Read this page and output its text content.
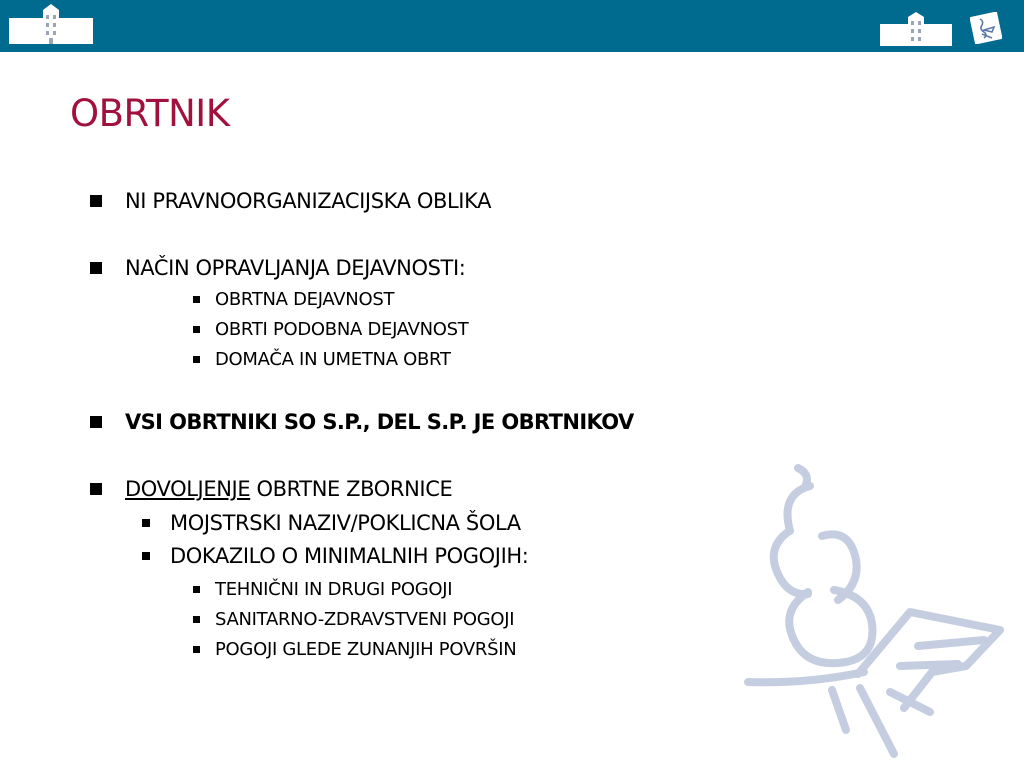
OBRTNIK
NI PRAVNOORGANIZACIJSKA OBLIKA
NAČIN OPRAVLJANJA DEJAVNOSTI:
OBRTNA DEJAVNOST
OBRTI PODOBNA DEJAVNOST
DOMAČA IN UMETNA OBRT
VSI OBRTNIKI SO S.P., DEL S.P. JE OBRTNIKOV
DOVOLJENJE OBRTNE ZBORNICE
MOJSTRSKI NAZIV/POKLICNA ŠOLA
DOKAZILO O MINIMALNIH POGOJIH:
TEHNIČNI IN DRUGI POGOJI
SANITARNO-ZDRAVSTVENI POGOJI
POGOJI GLEDE ZUNANJIH POVRŠIN
